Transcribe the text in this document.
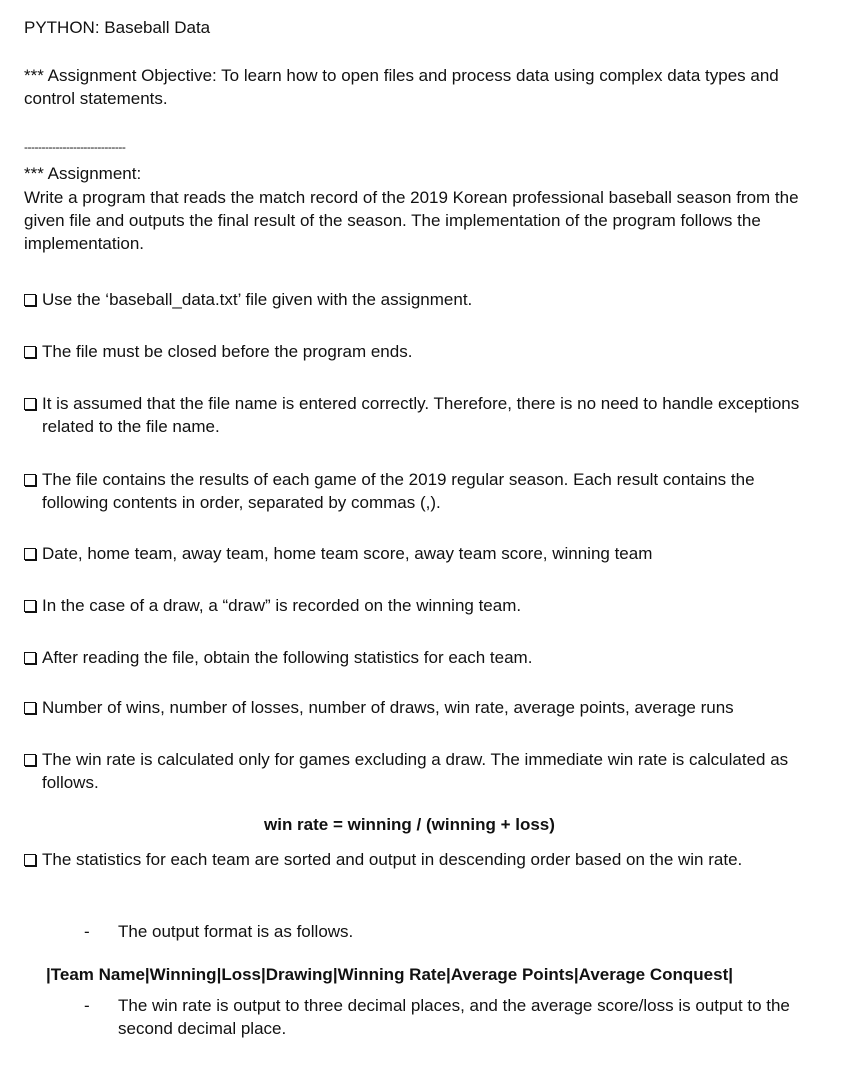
PYTHON: Baseball Data

*** Assignment Objective: To learn how to open files and process data using complex data types and control statements.

-----------------------------

*** Assignment:

Write a program that reads the match record of the 2019 Korean professional baseball season from the given file and outputs the final result of the season. The implementation of the program follows the implementation.

Use the ‘baseball_data.txt’ file given with the assignment.
The file must be closed before the program ends.
It is assumed that the file name is entered correctly. Therefore, there is no need to handle exceptions related to the file name.
The file contains the results of each game of the 2019 regular season. Each result contains the following contents in order, separated by commas (,).
Date, home team, away team, home team score, away team score, winning team
In the case of a draw, a “draw” is recorded on the winning team.
After reading the file, obtain the following statistics for each team.
Number of wins, number of losses, number of draws, win rate, average points, average runs
The win rate is calculated only for games excluding a draw. The immediate win rate is calculated as follows.

win rate = winning / (winning + loss)

The statistics for each team are sorted and output in descending order based on the win rate.
-	The output format is as follows.

|Team Name|Winning|Loss|Drawing|Winning Rate|Average Points|Average Conquest|

-	The win rate is output to three decimal places, and the average score/loss is output to the second decimal place.
